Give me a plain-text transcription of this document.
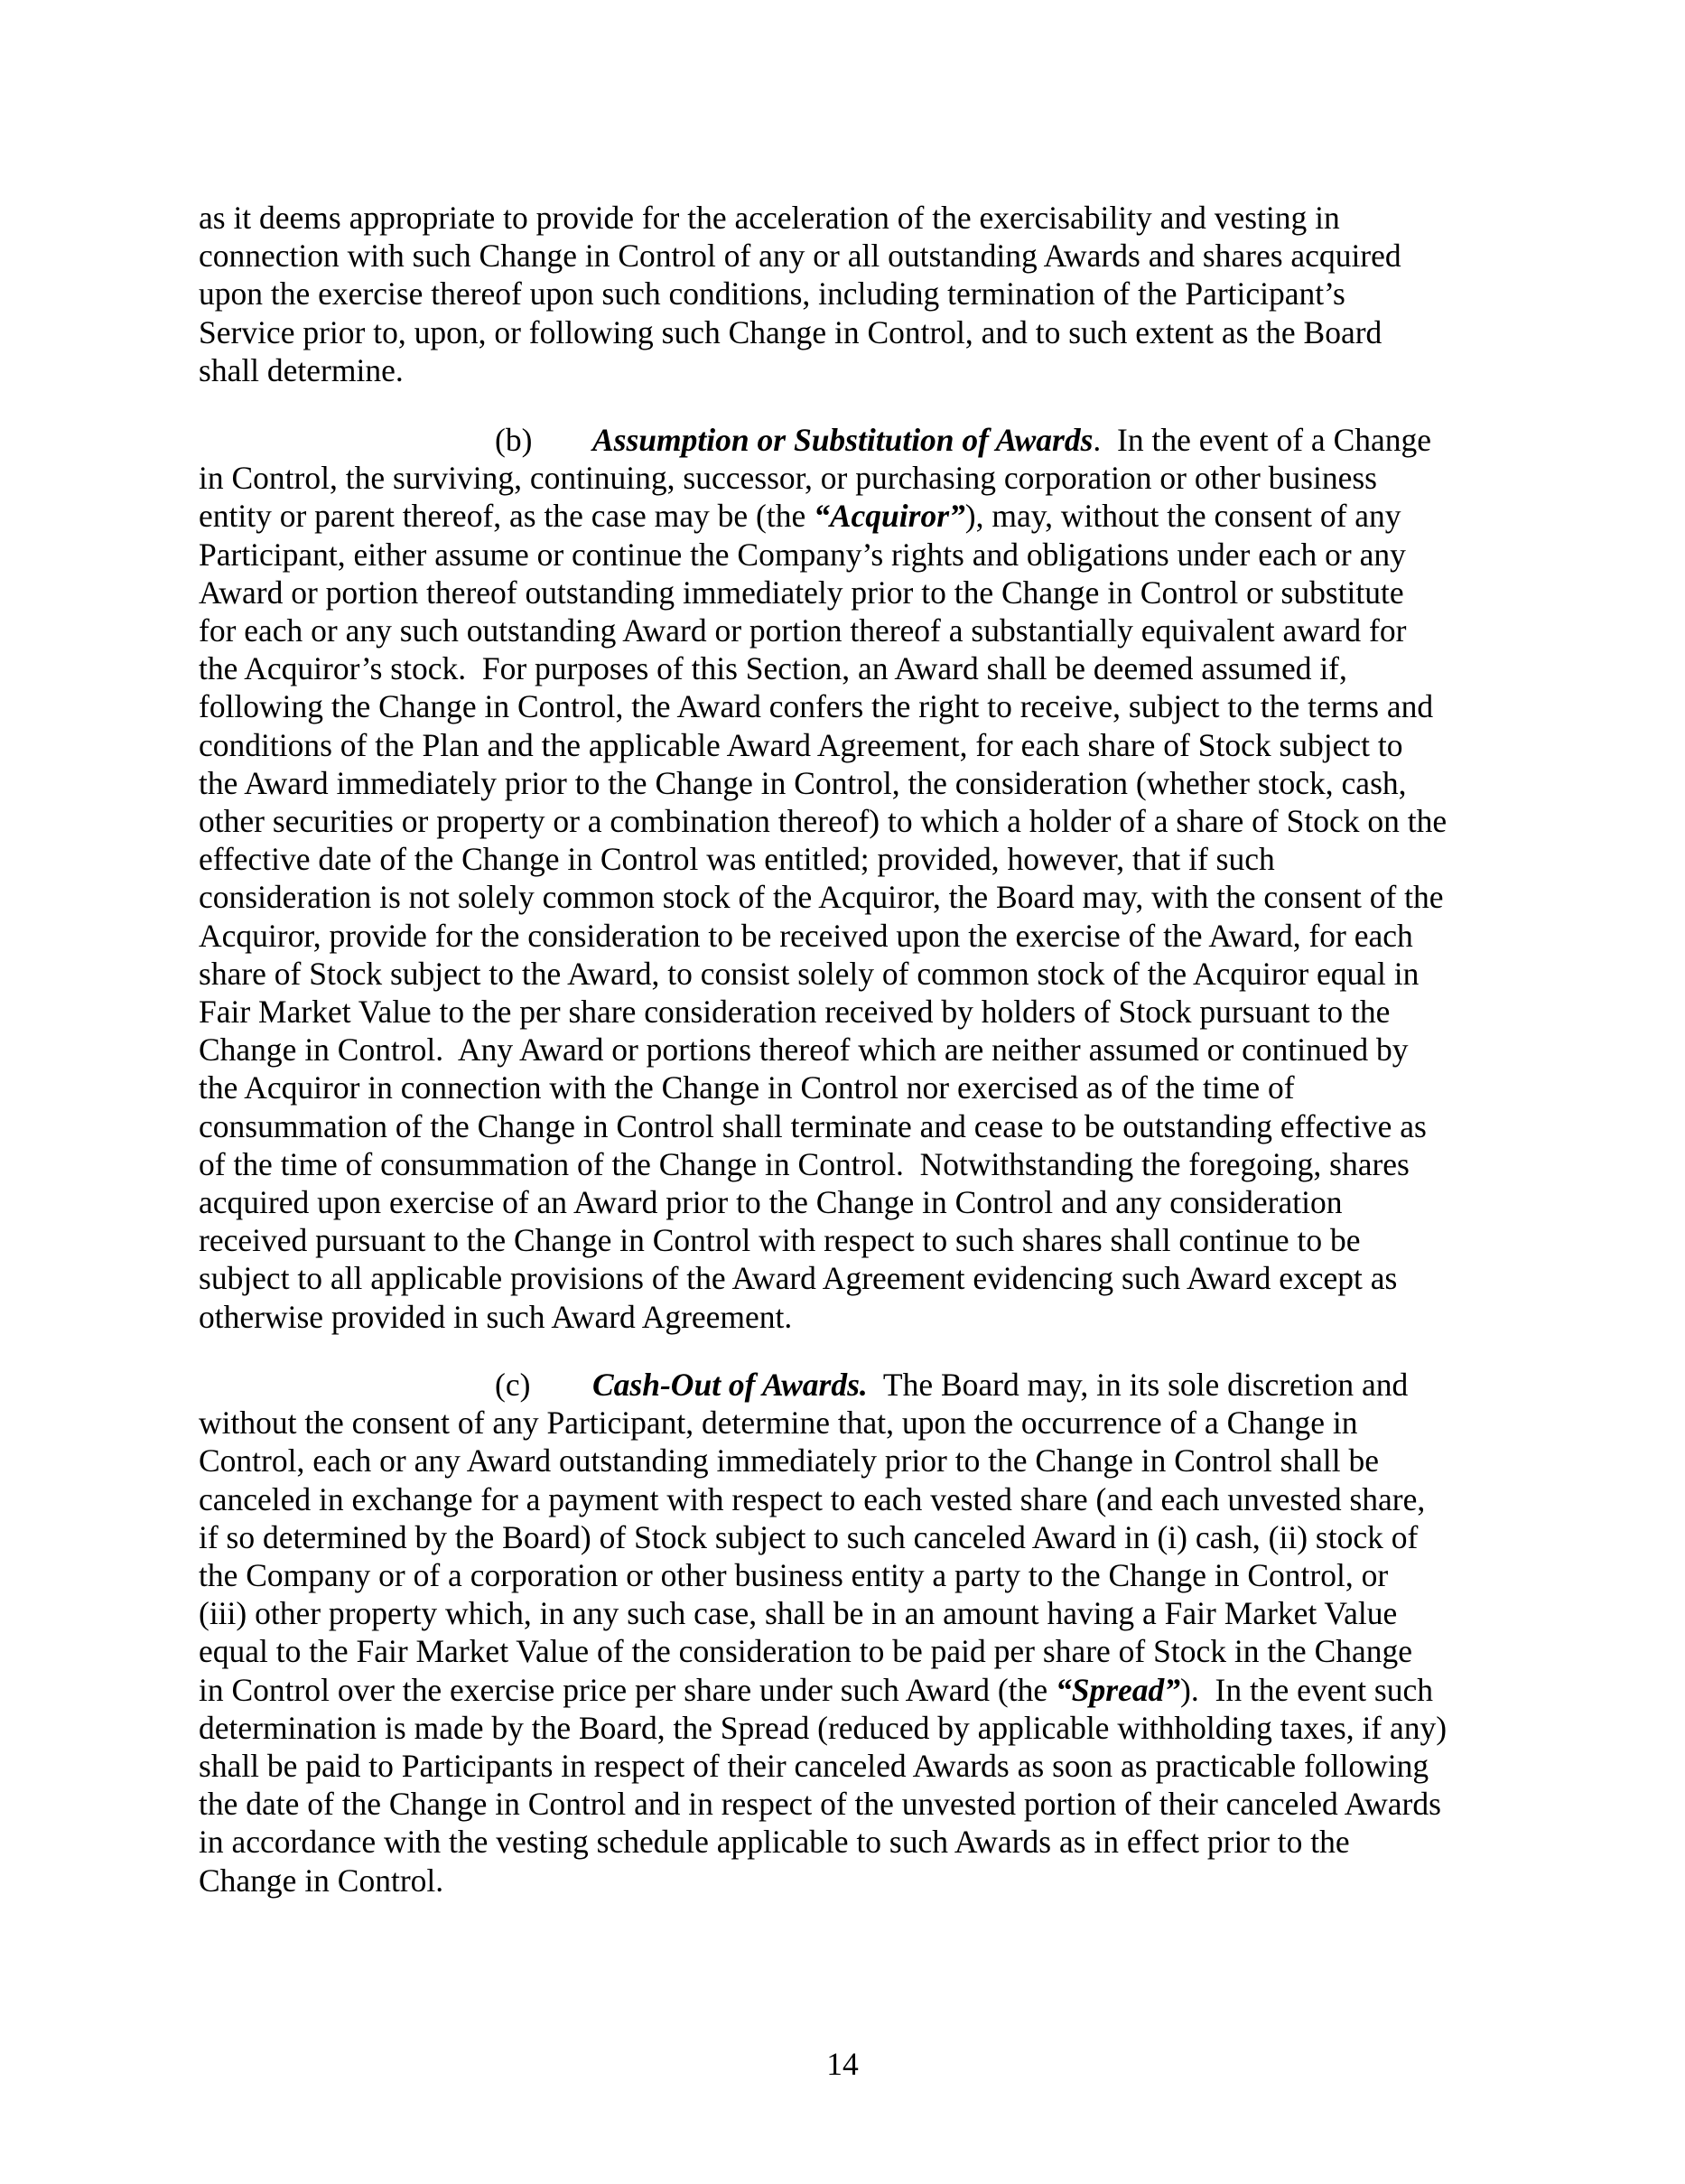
as it deems appropriate to provide for the acceleration of the exercisability and vesting in
connection with such Change in Control of any or all outstanding Awards and shares acquired
upon the exercise thereof upon such conditions, including termination of the Participant’s
Service prior to, upon, or following such Change in Control, and to such extent as the Board
shall determine.

(b) Assumption or Substitution of Awards.  In the event of a Change
in Control, the surviving, continuing, successor, or purchasing corporation or other business
entity or parent thereof, as the case may be (the “Acquiror”), may, without the consent of any
Participant, either assume or continue the Company’s rights and obligations under each or any
Award or portion thereof outstanding immediately prior to the Change in Control or substitute
for each or any such outstanding Award or portion thereof a substantially equivalent award for
the Acquiror’s stock.  For purposes of this Section, an Award shall be deemed assumed if,
following the Change in Control, the Award confers the right to receive, subject to the terms and
conditions of the Plan and the applicable Award Agreement, for each share of Stock subject to
the Award immediately prior to the Change in Control, the consideration (whether stock, cash,
other securities or property or a combination thereof) to which a holder of a share of Stock on the
effective date of the Change in Control was entitled; provided, however, that if such
consideration is not solely common stock of the Acquiror, the Board may, with the consent of the
Acquiror, provide for the consideration to be received upon the exercise of the Award, for each
share of Stock subject to the Award, to consist solely of common stock of the Acquiror equal in
Fair Market Value to the per share consideration received by holders of Stock pursuant to the
Change in Control.  Any Award or portions thereof which are neither assumed or continued by
the Acquiror in connection with the Change in Control nor exercised as of the time of
consummation of the Change in Control shall terminate and cease to be outstanding effective as
of the time of consummation of the Change in Control.  Notwithstanding the foregoing, shares
acquired upon exercise of an Award prior to the Change in Control and any consideration
received pursuant to the Change in Control with respect to such shares shall continue to be
subject to all applicable provisions of the Award Agreement evidencing such Award except as
otherwise provided in such Award Agreement.

(c) Cash-Out of Awards.  The Board may, in its sole discretion and
without the consent of any Participant, determine that, upon the occurrence of a Change in
Control, each or any Award outstanding immediately prior to the Change in Control shall be
canceled in exchange for a payment with respect to each vested share (and each unvested share,
if so determined by the Board) of Stock subject to such canceled Award in (i) cash, (ii) stock of
the Company or of a corporation or other business entity a party to the Change in Control, or
(iii) other property which, in any such case, shall be in an amount having a Fair Market Value
equal to the Fair Market Value of the consideration to be paid per share of Stock in the Change
in Control over the exercise price per share under such Award (the “Spread”).  In the event such
determination is made by the Board, the Spread (reduced by applicable withholding taxes, if any)
shall be paid to Participants in respect of their canceled Awards as soon as practicable following
the date of the Change in Control and in respect of the unvested portion of their canceled Awards
in accordance with the vesting schedule applicable to such Awards as in effect prior to the
Change in Control.

14
